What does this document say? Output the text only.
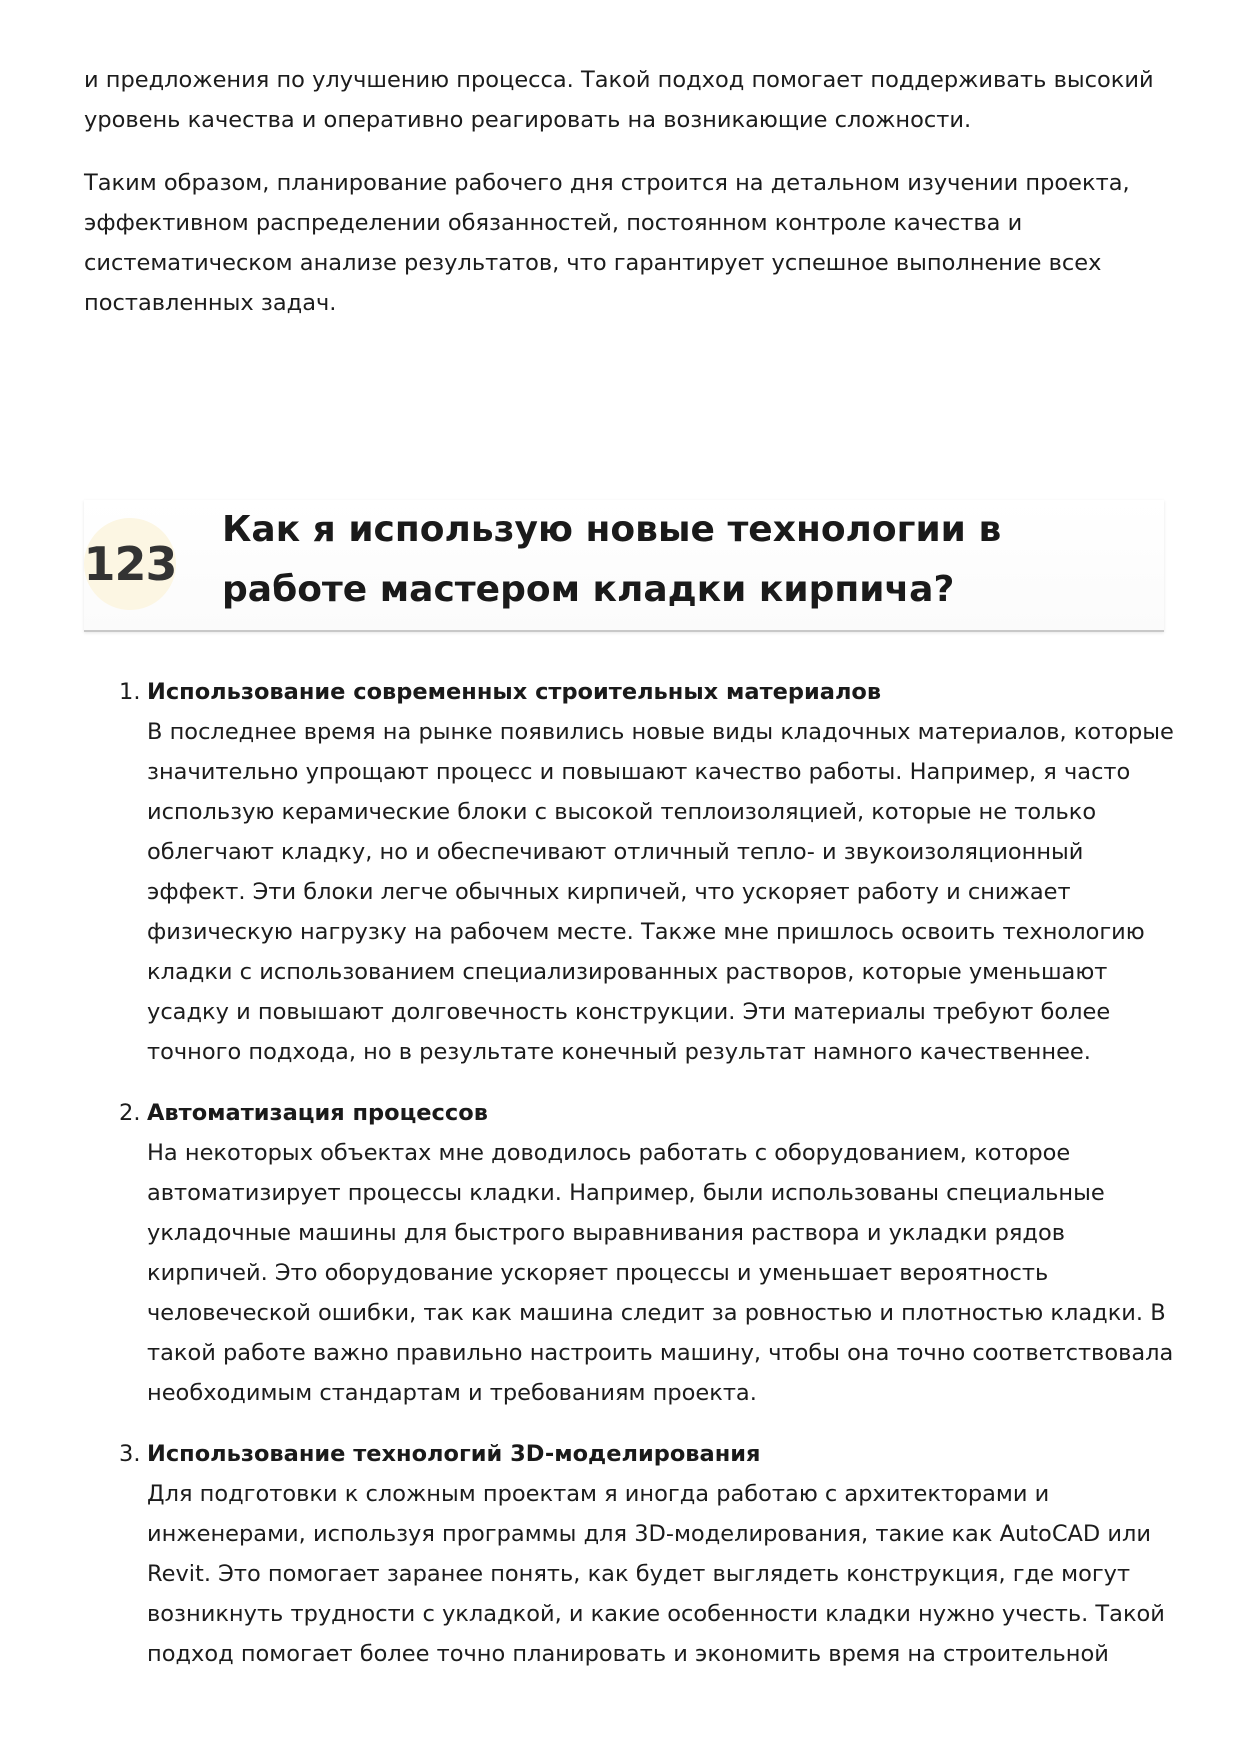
и предложения по улучшению процесса. Такой подход помогает поддерживать высокий уровень качества и оперативно реагировать на возникающие сложности.

Таким образом, планирование рабочего дня строится на детальном изучении проекта, эффективном распределении обязанностей, постоянном контроле качества и систематическом анализе результатов, что гарантирует успешное выполнение всех поставленных задач.

123
Как я использую новые технологии в работе мастером кладки кирпича?
1. Использование современных строительных материалов
В последнее время на рынке появились новые виды кладочных материалов, которые значительно упрощают процесс и повышают качество работы. Например, я часто использую керамические блоки с высокой теплоизоляцией, которые не только облегчают кладку, но и обеспечивают отличный тепло- и звукоизоляционный эффект. Эти блоки легче обычных кирпичей, что ускоряет работу и снижает физическую нагрузку на рабочем месте. Также мне пришлось освоить технологию кладки с использованием специализированных растворов, которые уменьшают усадку и повышают долговечность конструкции. Эти материалы требуют более точного подхода, но в результате конечный результат намного качественнее.
2. Автоматизация процессов
На некоторых объектах мне доводилось работать с оборудованием, которое автоматизирует процессы кладки. Например, были использованы специальные укладочные машины для быстрого выравнивания раствора и укладки рядов кирпичей. Это оборудование ускоряет процессы и уменьшает вероятность человеческой ошибки, так как машина следит за ровностью и плотностью кладки. В такой работе важно правильно настроить машину, чтобы она точно соответствовала необходимым стандартам и требованиям проекта.
3. Использование технологий 3D-моделирования
Для подготовки к сложным проектам я иногда работаю с архитекторами и инженерами, используя программы для 3D-моделирования, такие как AutoCAD или Revit. Это помогает заранее понять, как будет выглядеть конструкция, где могут возникнуть трудности с укладкой, и какие особенности кладки нужно учесть. Такой подход помогает более точно планировать и экономить время на строительной
